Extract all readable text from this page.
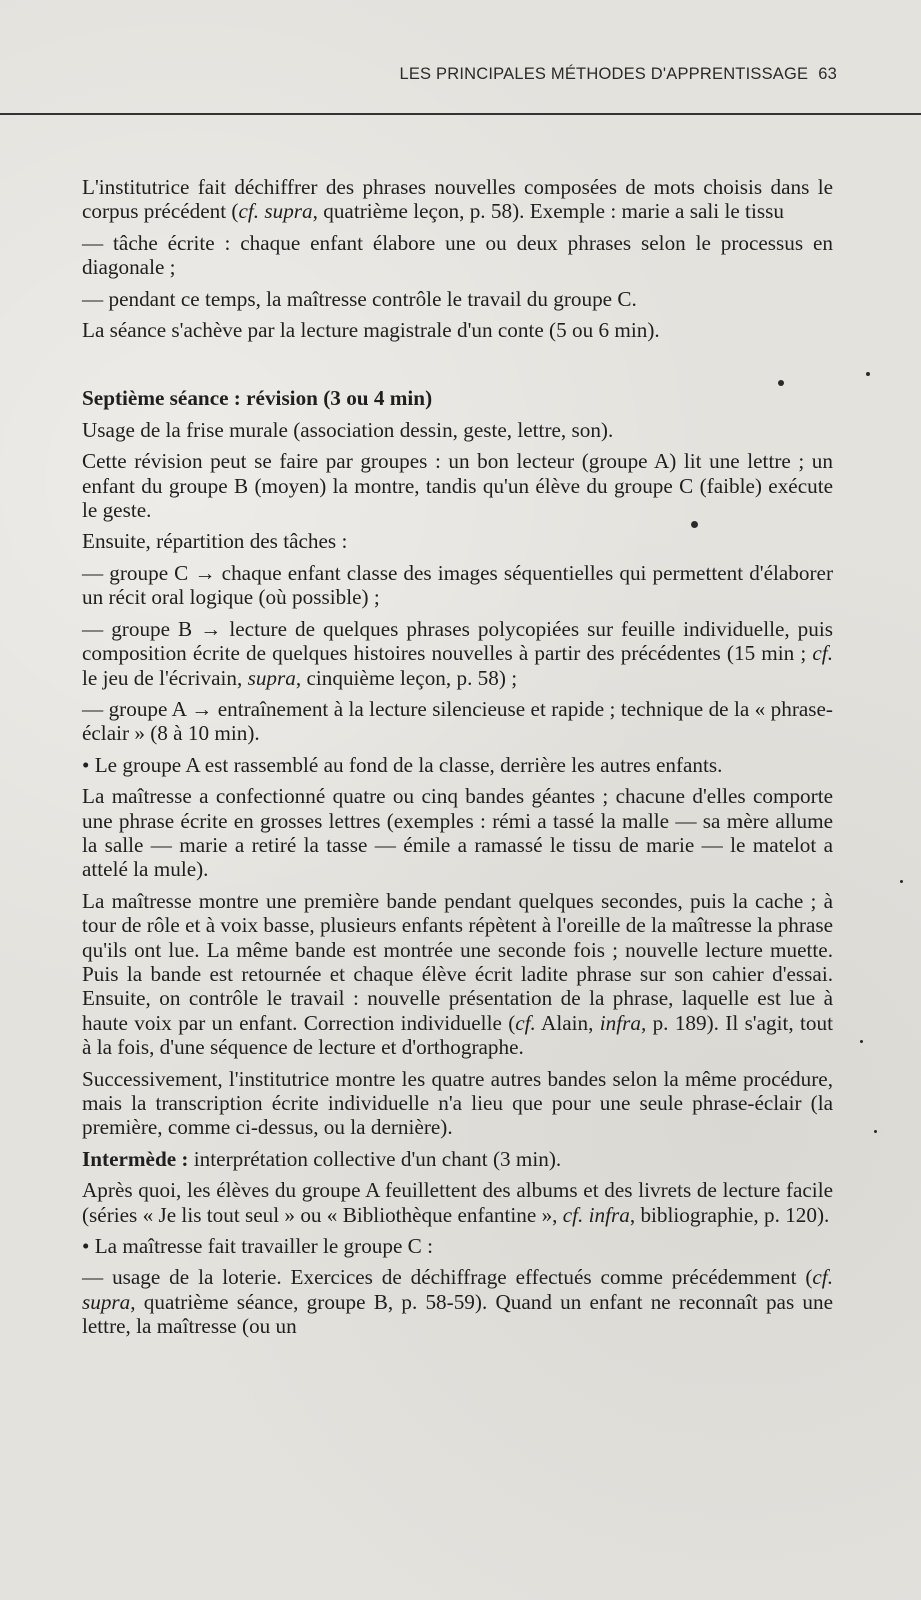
LES PRINCIPALES MÉTHODES D'APPRENTISSAGE 63

L'institutrice fait déchiffrer des phrases nouvelles composées de mots choisis dans le corpus précédent (cf. supra, quatrième leçon, p. 58). Exemple : marie a sali le tissu

— tâche écrite : chaque enfant élabore une ou deux phrases selon le processus en diagonale ;

— pendant ce temps, la maîtresse contrôle le travail du groupe C.

La séance s'achève par la lecture magistrale d'un conte (5 ou 6 min).

Septième séance : révision (3 ou 4 min)

Usage de la frise murale (association dessin, geste, lettre, son).

Cette révision peut se faire par groupes : un bon lecteur (groupe A) lit une lettre ; un enfant du groupe B (moyen) la montre, tandis qu'un élève du groupe C (faible) exécute le geste.

Ensuite, répartition des tâches :

— groupe C → chaque enfant classe des images séquentielles qui permettent d'élaborer un récit oral logique (où possible) ;

— groupe B → lecture de quelques phrases polycopiées sur feuille individuelle, puis composition écrite de quelques histoires nouvelles à partir des précédentes (15 min ; cf. le jeu de l'écrivain, supra, cinquième leçon, p. 58) ;

— groupe A → entraînement à la lecture silencieuse et rapide ; technique de la « phrase-éclair » (8 à 10 min).

• Le groupe A est rassemblé au fond de la classe, derrière les autres enfants.

La maîtresse a confectionné quatre ou cinq bandes géantes ; chacune d'elles comporte une phrase écrite en grosses lettres (exemples : rémi a tassé la malle — sa mère allume la salle — marie a retiré la tasse — émile a ramassé le tissu de marie — le matelot a attelé la mule).

La maîtresse montre une première bande pendant quelques secondes, puis la cache ; à tour de rôle et à voix basse, plusieurs enfants répètent à l'oreille de la maîtresse la phrase qu'ils ont lue. La même bande est montrée une seconde fois ; nouvelle lecture muette. Puis la bande est retournée et chaque élève écrit ladite phrase sur son cahier d'essai. Ensuite, on contrôle le travail : nouvelle présentation de la phrase, laquelle est lue à haute voix par un enfant. Correction individuelle (cf. Alain, infra, p. 189). Il s'agit, tout à la fois, d'une séquence de lecture et d'orthographe.

Successivement, l'institutrice montre les quatre autres bandes selon la même procédure, mais la transcription écrite individuelle n'a lieu que pour une seule phrase-éclair (la première, comme ci-dessus, ou la dernière).

Intermède : interprétation collective d'un chant (3 min).

Après quoi, les élèves du groupe A feuillettent des albums et des livrets de lecture facile (séries « Je lis tout seul » ou « Bibliothèque enfantine », cf. infra, bibliographie, p. 120).

• La maîtresse fait travailler le groupe C :

— usage de la loterie. Exercices de déchiffrage effectués comme précédemment (cf. supra, quatrième séance, groupe B, p. 58-59). Quand un enfant ne reconnaît pas une lettre, la maîtresse (ou un
